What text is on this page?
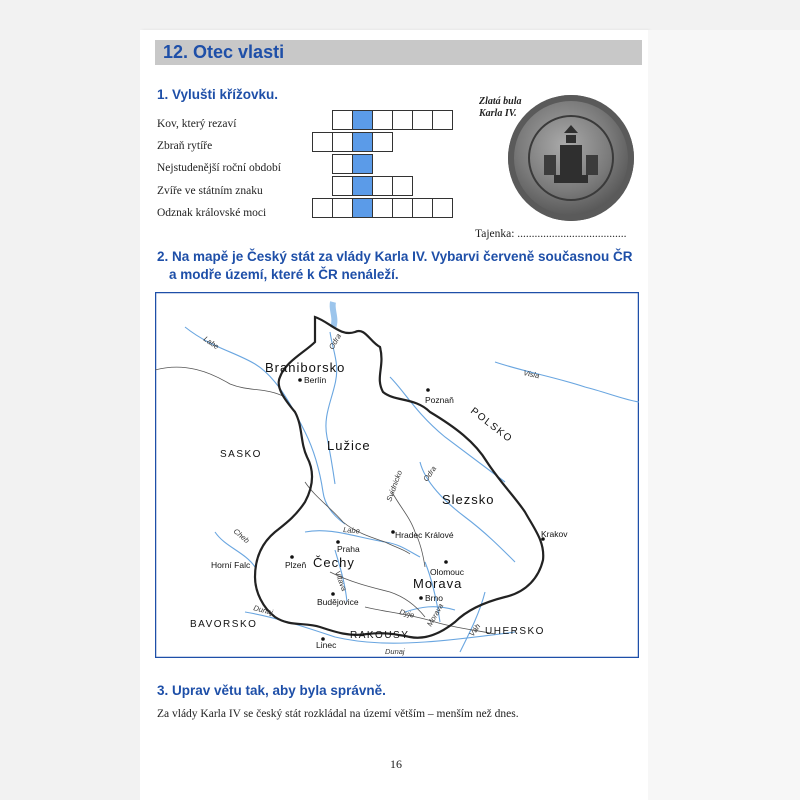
12. Otec vlasti
1. Vylušti křížovku.
Kov, který rezaví
Zbraň rytíře
Nejstudenější roční období
Zvíře ve státním znaku
Odznak královské moci
Zlatá bula
Karla IV.
Tajenka: ......................................
2. Na mapě je Český stát za vlády Karla IV. Vybarvi červeně současnou ČR
a modře území, které k ČR nenáleží.
Braniborsko
Lužice
Slezsko
Čechy
Morava
SASKO
POLSKO
BAVORSKO
RAKOUSY	UHERSKO
Berlín
Poznaň
Praha
Plzeň
Hradec Králové
Olomouc
Brno
Budějovice
Krakov
Linec
Horní Falc
Labe	Odra
Visla
Labe
Odra
Vltava
Dunaj	Dyje Morava
Váh
Dunaj
Svídnicko
Cheb
3. Uprav větu tak, aby byla správně.
Za vlády Karla IV se český stát rozkládal na území větším – menším než dnes.
16
